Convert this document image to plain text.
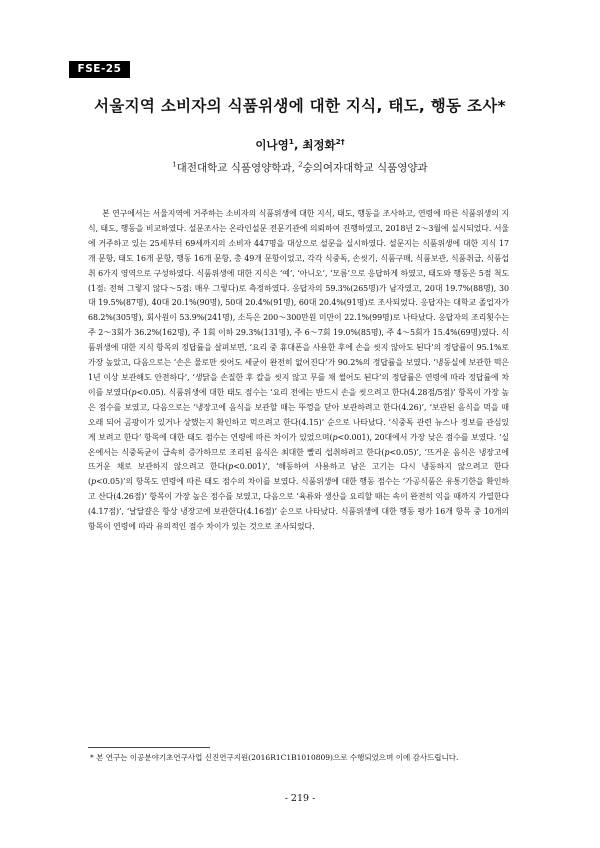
FSE-25
서울지역 소비자의 식품위생에 대한 지식, 태도, 행동 조사*
이나영$^1$, 최정화$^{2\dagger}$
$^1$대전대학교 식품영양학과, $^2$숭의여자대학교 식품영양과

본 연구에서는 서울지역에 거주하는 소비자의 식품위생에 대한 지식, 태도, 행동을 조사하고, 연령에 따른 식품위생의 지식, 태도, 행동을 비교하였다. 설문조사는 온라인설문 전문기관에 의뢰하여 진행하였고, 2018년 2～3월에 실시되었다. 서울에 거주하고 있는 25세부터 69세까지의 소비자 447명을 대상으로 설문을 실시하였다. 설문지는 식품위생에 대한 지식 17개 문항, 태도 16개 문항, 행동 16개 문항, 총 49개 문항이었고, 각각 식중독, 손씻기, 식품구매, 식품보관, 식품취급, 식품섭취 6가지 영역으로 구성하였다. 식품위생에 대한 지식은 ‘예’, ‘아니오’, ‘모름’으로 응답하게 하였고, 태도와 행동은 5점 척도(1점: 전혀 그렇지 않다～5점: 매우 그렇다)로 측정하였다. 응답자의 59.3%(265명)가 남자였고, 20대 19.7%(88명), 30대 19.5%(87명), 40대 20.1%(90명), 50대 20.4%(91명), 60대 20.4%(91명)로 조사되었다. 응답자는 대학교 졸업자가 68.2%(305명), 회사원이 53.9%(241명), 소득은 200～300만원 미만이 22.1%(99명)로 나타났다. 응답자의 조리횟수는 주 2～3회가 36.2%(162명), 주 1회 이하 29.3%(131명), 주 6～7회 19.0%(85명), 주 4～5회가 15.4%(69명)였다. 식품위생에 대한 지식 항목의 정답률을 살펴보면, ‘요리 중 휴대폰을 사용한 후에 손을 씻지 않아도 된다’의 정답률이 95.1%로 가장 높았고, 다음으로는 ‘손은 물로만 씻어도 세균이 완전히 없어진다’가 90.2%의 정답률을 보였다. ‘냉동실에 보관한 떡은 1년 이상 보관해도 안전하다’, ‘생닭을 손질한 후 칼을 씻지 않고 무를 채 썰어도 된다’의 정답률은 연령에 따라 정답률에 차이를 보였다(p<0.05). 식품위생에 대한 태도 점수는 ‘요리 전에는 반드시 손을 씻으려고 한다(4.28점/5점)’ 항목이 가장 높은 점수를 보였고, 다음으로는 ‘냉장고에 음식을 보관할 때는 뚜껑을 닫아 보관하려고 한다(4.26)’, ‘보관된 음식을 먹을 때 오래 되어 곰팡이가 있거나 상했는지 확인하고 먹으려고 한다(4.15)’ 순으로 나타났다. ‘식중독 관련 뉴스나 정보를 관심있게 보려고 한다’ 항목에 대한 태도 점수는 연령에 따른 차이가 있었으며(p<0.001), 20대에서 가장 낮은 점수를 보였다. ‘실온에서는 식중독균이 급속히 증가하므로 조리된 음식은 최대한 빨리 섭취하려고 한다(p<0.05)’, ‘뜨거운 음식은 냉장고에 뜨거운 채로 보관하지 않으려고 한다(p<0.001)’, ‘해동하여 사용하고 남은 고기는 다시 냉동하지 않으려고 한다(p<0.05)’의 항목도 연령에 따른 태도 점수의 차이를 보였다. 식품위생에 대한 행동 점수는 ‘가공식품은 유통기한을 확인하고 산다(4.26점)’ 항목이 가장 높은 점수를 보였고, 다음으로 ‘육류와 생산을 요리할 때는 속이 완전히 익을 때까지 가열한다(4.17점)’, ‘날달걀은 항상 냉장고에 보관한다(4.16점)’ 순으로 나타났다. 식품위생에 대한 행동 평가 16개 항목 중 10개의 항목이 연령에 따라 유의적인 점수 차이가 있는 것으로 조사되었다.

* 본 연구는 이공분야기초연구사업 신진연구지원(2016R1C1B1010809)으로 수행되었으며 이에 감사드립니다.
- 219 -
